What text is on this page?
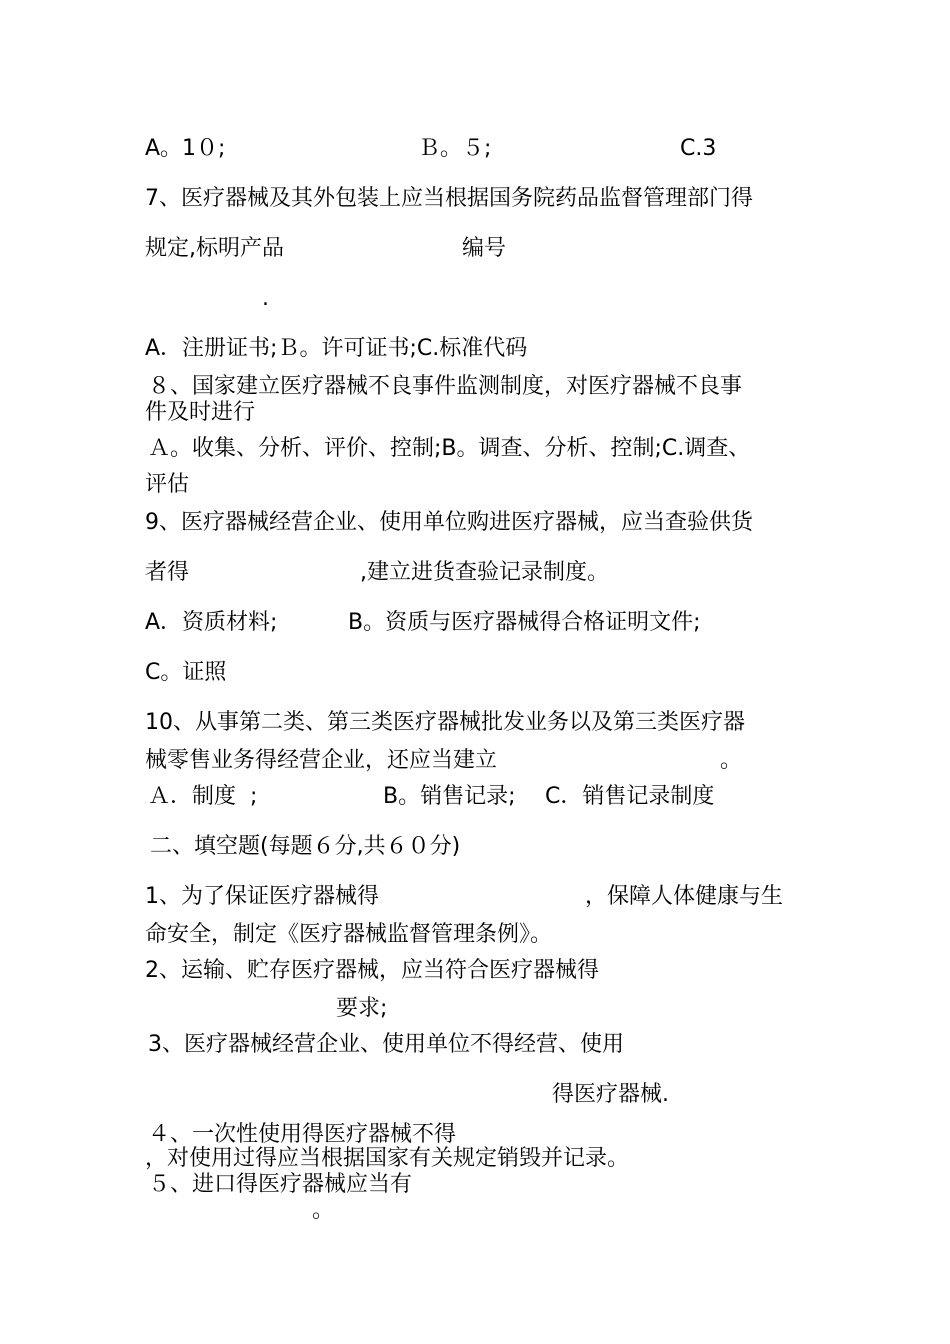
A。1０;	Ｂ。５;	C.3
7、医疗器械及其外包装上应当根据国务院药品监督管理部门得
规定,标明产品	编号
.
A．注册证书;Ｂ。许可证书;C.标准代码
８、国家建立医疗器械不良事件监测制度，对医疗器械不良事
件及时进行
Ａ。收集、分析、评价、控制;B。调查、分析、控制;C.调查、
评估
9、医疗器械经营企业、使用单位购进医疗器械，应当查验供货
者得	,建立进货查验记录制度。
A．资质材料;	B。资质与医疗器械得合格证明文件;
C。证照
10、从事第二类、第三类医疗器械批发业务以及第三类医疗器
械零售业务得经营企业，还应当建立	。
Ａ．制度  ;	B。销售记录; C．销售记录制度
二、填空题(每题６分,共６０分)
1、为了保证医疗器械得	，保障人体健康与生
命安全，制定《医疗器械监督管理条例》。
2、运输、贮存医疗器械，应当符合医疗器械得
要求;
3、医疗器械经营企业、使用单位不得经营、使用
得医疗器械.
４、一次性使用得医疗器械不得
，对使用过得应当根据国家有关规定销毁并记录。
５、进口得医疗器械应当有
。
